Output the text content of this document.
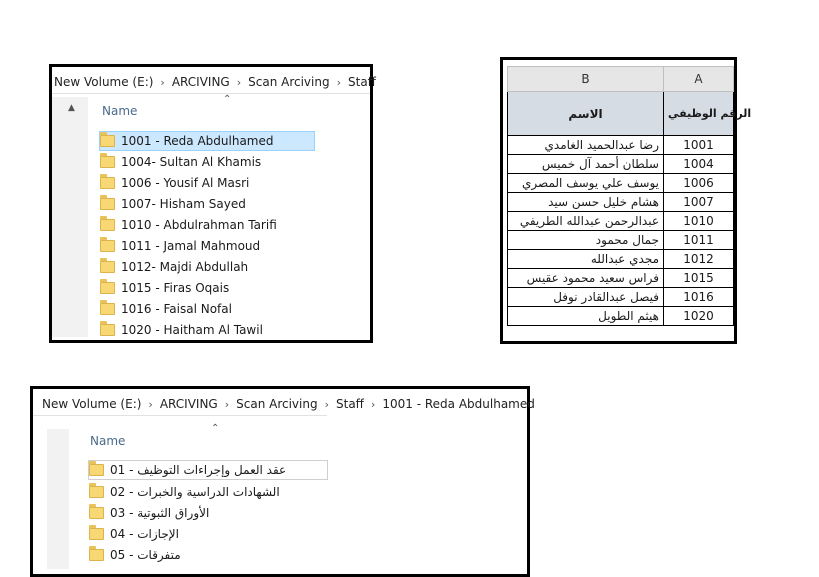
New Volume (E:) › ARCIVING › Scan Arciving › Staff
▲
⌃
Name
1001 - Reda Abdulhamed
1004- Sultan Al Khamis
1006 - Yousif Al Masri
1007- Hisham Sayed
1010 - Abdulrahman Tarifi
1011 - Jamal Mahmoud
1012- Majdi Abdullah
1015 - Firas Oqais
1016 - Faisal Nofal
1020 - Haitham Al Tawil
B	A
الاسم	الرقم الوظيفي
رضا عبدالحميد الغامدي	1001
سلطان أحمد آل خميس	1004
يوسف علي يوسف المصري	1006
هشام خليل حسن سيد	1007
عبدالرحمن عبدالله الطريفي	1010
جمال محمود	1011
مجدي عبدالله	1012
فراس سعيد محمود عقيس	1015
فيصل عبدالقادر نوفل	1016
هيثم الطويل	1020
New Volume (E:) › ARCIVING › Scan Arciving › Staff › 1001 - Reda Abdulhamed
⌃
Name
01 - عقد العمل وإجراءات التوظيف
02 - الشهادات الدراسية والخبرات
03 - الأوراق الثبوتية
04 - الإجازات
05 - متفرقات
